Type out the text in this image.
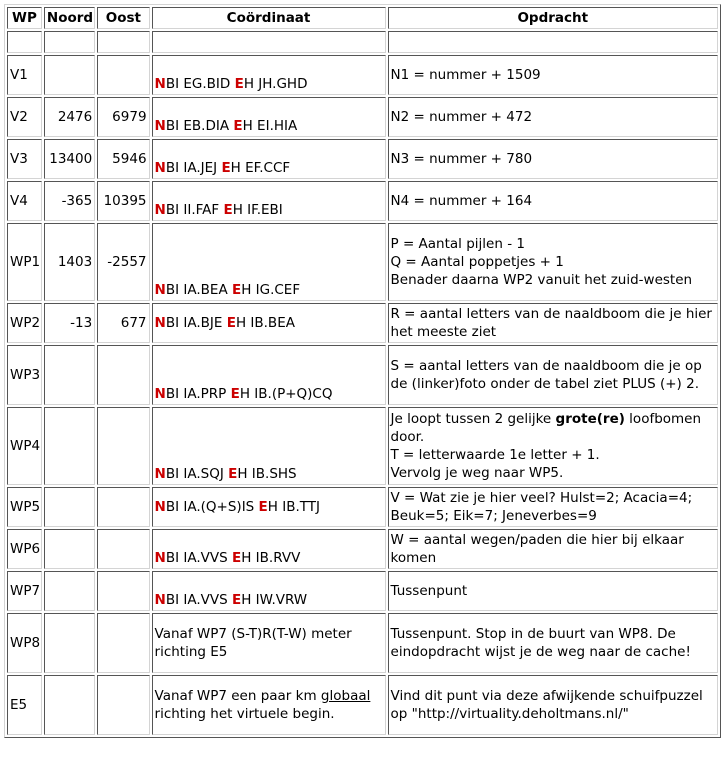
WP	Noord	Oost	Coördinaat	Opdracht

V1			NBI EG.BID EH JH.GHD	N1 = nummer + 1509
V2	2476	6979	NBI EB.DIA EH EI.HIA	N2 = nummer + 472
V3	13400	5946	NBI IA.JEJ EH EF.CCF	N3 = nummer + 780
V4	-365	10395	NBI II.FAF EH IF.EBI	N4 = nummer + 164
WP1	1403	-2557	NBI IA.BEA EH IG.CEF	P = Aantal pijlen - 1
Q = Aantal poppetjes + 1
Benader daarna WP2 vanuit het zuid-westen
WP2	-13	677	NBI IA.BJE EH IB.BEA	R = aantal letters van de naaldboom die je hier het meeste ziet
WP3			NBI IA.PRP EH IB.(P+Q)CQ	S = aantal letters van de naaldboom die je op de (linker)foto onder de tabel ziet PLUS (+) 2.
WP4			NBI IA.SQJ EH IB.SHS	Je loopt tussen 2 gelijke grote(re) loofbomen door.
T = letterwaarde 1e letter + 1.
Vervolg je weg naar WP5.
WP5			NBI IA.(Q+S)IS EH IB.TTJ	V = Wat zie je hier veel? Hulst=2; Acacia=4; Beuk=5; Eik=7; Jeneverbes=9
WP6			NBI IA.VVS EH IB.RVV	W = aantal wegen/paden die hier bij elkaar komen
WP7			NBI IA.VVS EH IW.VRW	Tussenpunt
WP8			Vanaf WP7 (S-T)R(T-W) meter richting E5	Tussenpunt. Stop in de buurt van WP8. De eindopdracht wijst je de weg naar de cache!
E5			Vanaf WP7 een paar km globaal richting het virtuele begin.	Vind dit punt via deze afwijkende schuifpuzzel op "http://virtuality.deholtmans.nl/"
